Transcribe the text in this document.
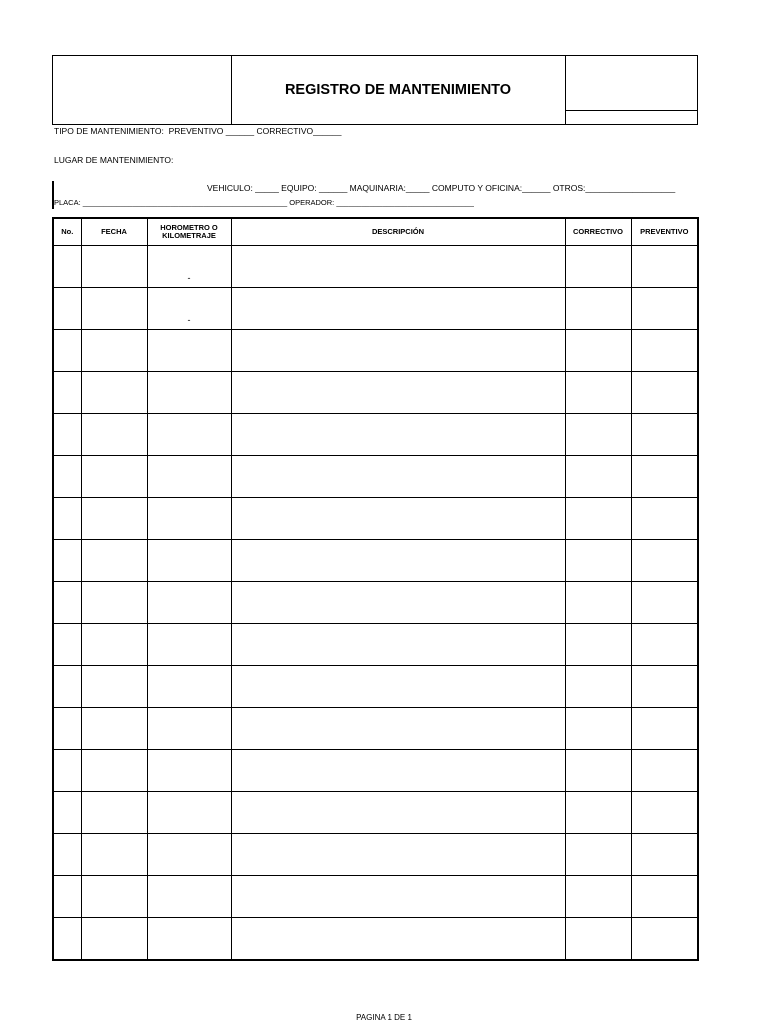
REGISTRO DE MANTENIMIENTO
TIPO DE MANTENIMIENTO:  PREVENTIVO ______ CORRECTIVO______
LUGAR DE MANTENIMIENTO:
VEHICULO: _____ EQUIPO: ______ MAQUINARIA:_____ COMPUTO Y OFICINA:______ OTROS:___________________
PLACA: _________________________________________________ OPERADOR: _________________________________
No.	FECHA	HOROMETRO O KILOMETRAJE	DESCRIPCIÓN	CORRECTIVO	PREVENTIVO

		-			

		-			

PAGINA 1 DE 1
